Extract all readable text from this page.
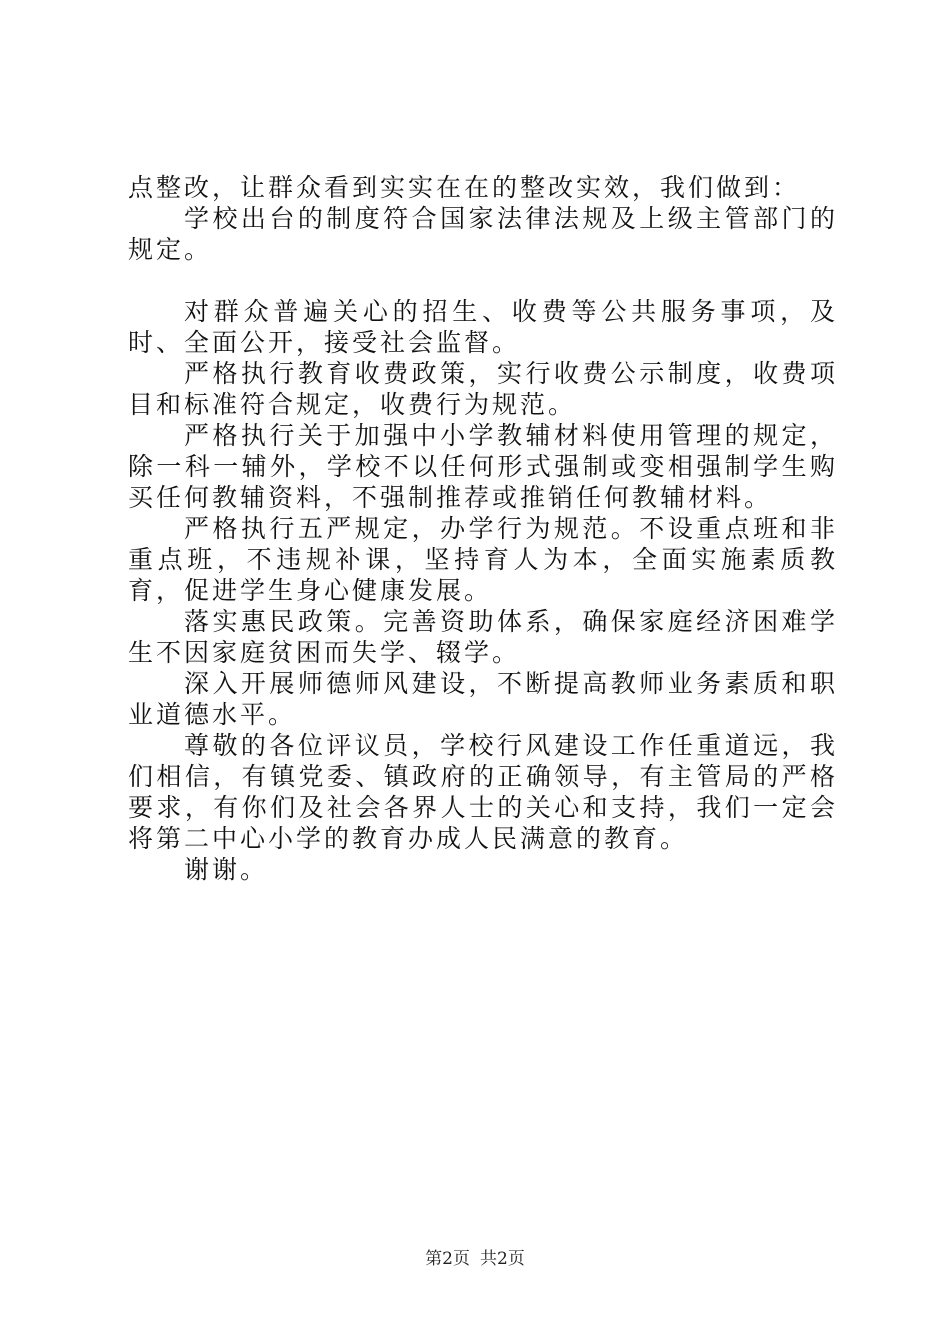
点整改，让群众看到实实在在的整改实效，我们做到：

学校出台的制度符合国家法律法规及上级主管部门的规定。

对群众普遍关心的招生、收费等公共服务事项，及时、全面公开，接受社会监督。

严格执行教育收费政策，实行收费公示制度，收费项目和标准符合规定，收费行为规范。

严格执行关于加强中小学教辅材料使用管理的规定，除一科一辅外，学校不以任何形式强制或变相强制学生购买任何教辅资料，不强制推荐或推销任何教辅材料。

严格执行五严规定，办学行为规范。不设重点班和非重点班，不违规补课，坚持育人为本，全面实施素质教育，促进学生身心健康发展。

落实惠民政策。完善资助体系，确保家庭经济困难学生不因家庭贫困而失学、辍学。

深入开展师德师风建设，不断提高教师业务素质和职业道德水平。

尊敬的各位评议员，学校行风建设工作任重道远，我们相信，有镇党委、镇政府的正确领导，有主管局的严格要求，有你们及社会各界人士的关心和支持，我们一定会将第二中心小学的教育办成人民满意的教育。

谢谢。

第2页 共2页
